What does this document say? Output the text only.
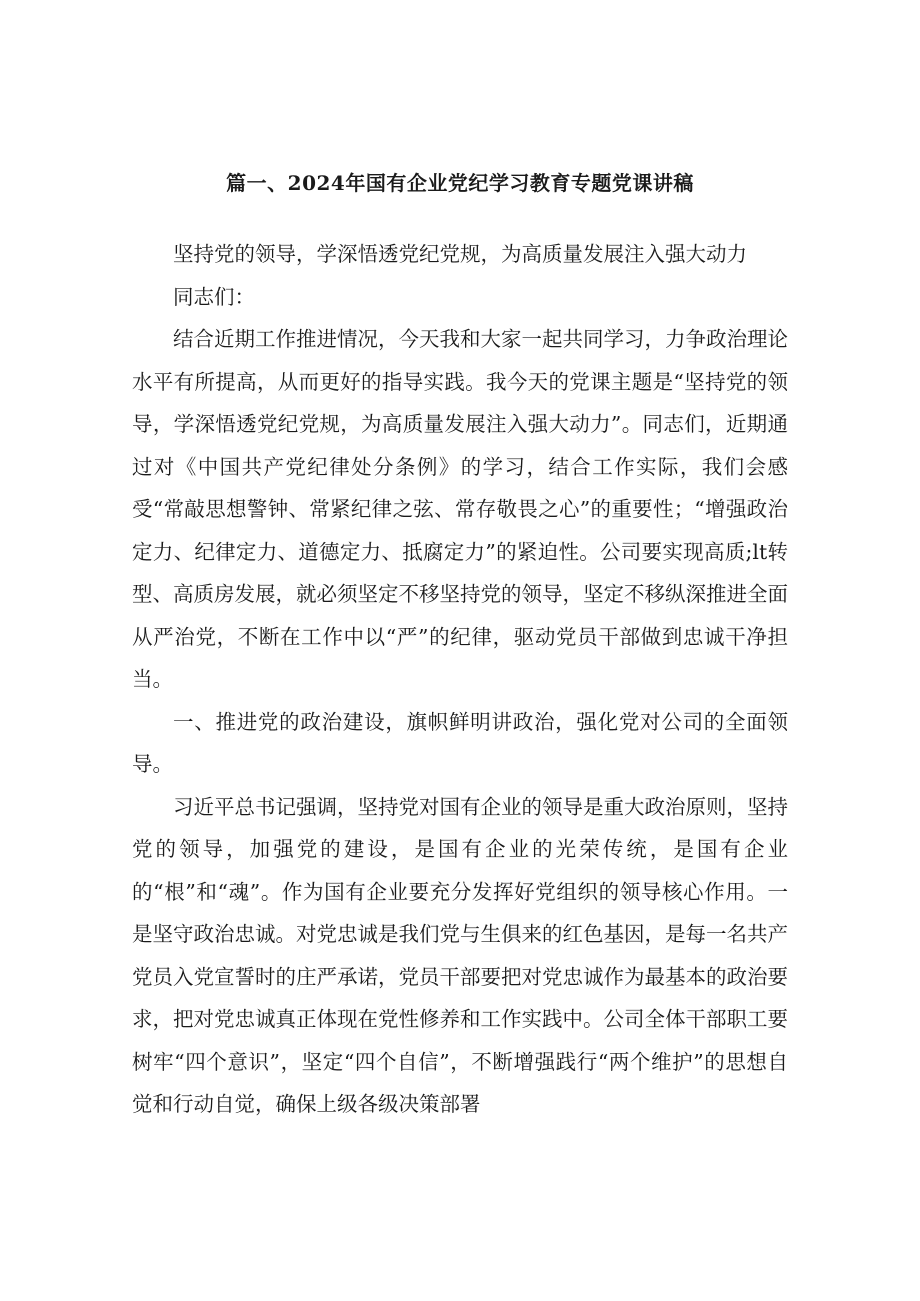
篇一、2024年国有企业党纪学习教育专题党课讲稿

坚持党的领导，学深悟透党纪党规，为高质量发展注入强大动力

同志们：

结合近期工作推进情况，今天我和大家一起共同学习，力争政治理论水平有所提高，从而更好的指导实践。我今天的党课主题是“坚持党的领导，学深悟透党纪党规，为高质量发展注入强大动力”。同志们，近期通过对《中国共产党纪律处分条例》的学习，结合工作实际，我们会感受“常敲思想警钟、常紧纪律之弦、常存敬畏之心”的重要性；“增强政治定力、纪律定力、道德定力、抵腐定力”的紧迫性。公司要实现高质;lt转型、高质房发展，就必须坚定不移坚持党的领导，坚定不移纵深推进全面从严治党，不断在工作中以“严”的纪律，驱动党员干部做到忠诚干净担当。

一、推进党的政治建设，旗帜鲜明讲政治，强化党对公司的全面领导。

习近平总书记强调，坚持党对国有企业的领导是重大政治原则，坚持党的领导，加强党的建设，是国有企业的光荣传统，是国有企业的“根”和“魂”。作为国有企业要充分发挥好党组织的领导核心作用。一是坚守政治忠诚。对党忠诚是我们党与生俱来的红色基因，是每一名共产党员入党宣誓时的庄严承诺，党员干部要把对党忠诚作为最基本的政治要求，把对党忠诚真正体现在党性修养和工作实践中。公司全体干部职工要树牢“四个意识”，坚定“四个自信”，不断增强践行“两个维护”的思想自觉和行动自觉，确保上级各级决策部署
